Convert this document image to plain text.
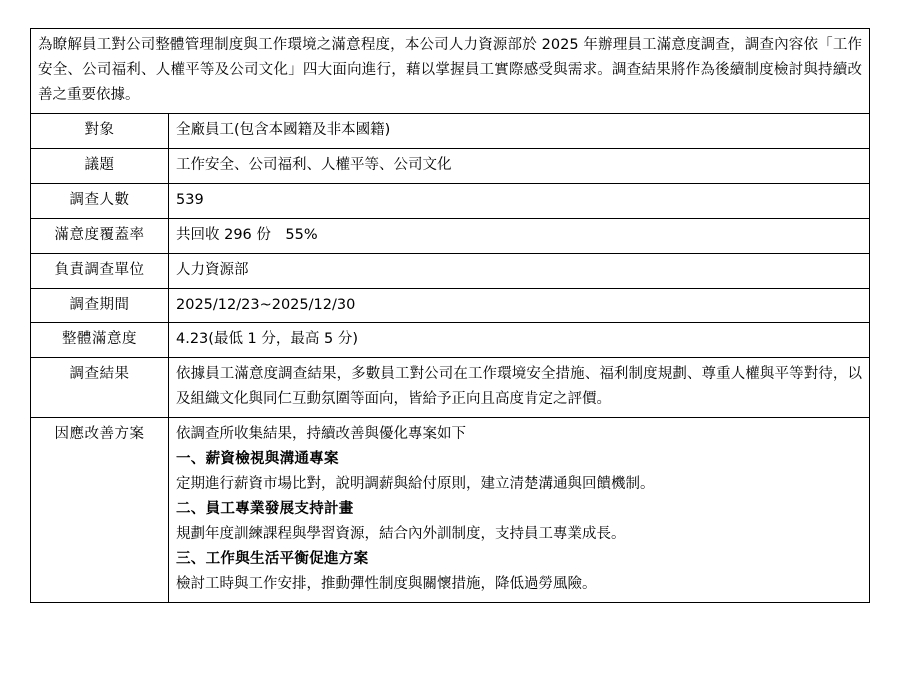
為瞭解員工對公司整體管理制度與工作環境之滿意程度，本公司人力資源部於 2025 年辦理員工滿意度調查，調查內容依「工作安全、公司福利、人權平等及公司文化」四大面向進行，藉以掌握員工實際感受與需求。調查結果將作為後續制度檢討與持續改善之重要依據。	
對象	全廠員工(包含本國籍及非本國籍)
議題	工作安全、公司福利、人權平等、公司文化
調查人數	539
滿意度覆蓋率	共回收 296 份　55%
負責調查單位	人力資源部
調查期間	2025/12/23~2025/12/30
整體滿意度	4.23(最低 1 分，最高 5 分)
調查結果	依據員工滿意度調查結果，多數員工對公司在工作環境安全措施、福利制度規劃、尊重人權與平等對待，以及組織文化與同仁互動氛圍等面向，皆給予正向且高度肯定之評價。
因應改善方案	依調查所收集結果，持續改善與優化專案如下
一、薪資檢視與溝通專案
定期進行薪資市場比對，說明調薪與給付原則，建立清楚溝通與回饋機制。
二、員工專業發展支持計畫
規劃年度訓練課程與學習資源，結合內外訓制度，支持員工專業成長。
三、工作與生活平衡促進方案
檢討工時與工作安排，推動彈性制度與關懷措施，降低過勞風險。
